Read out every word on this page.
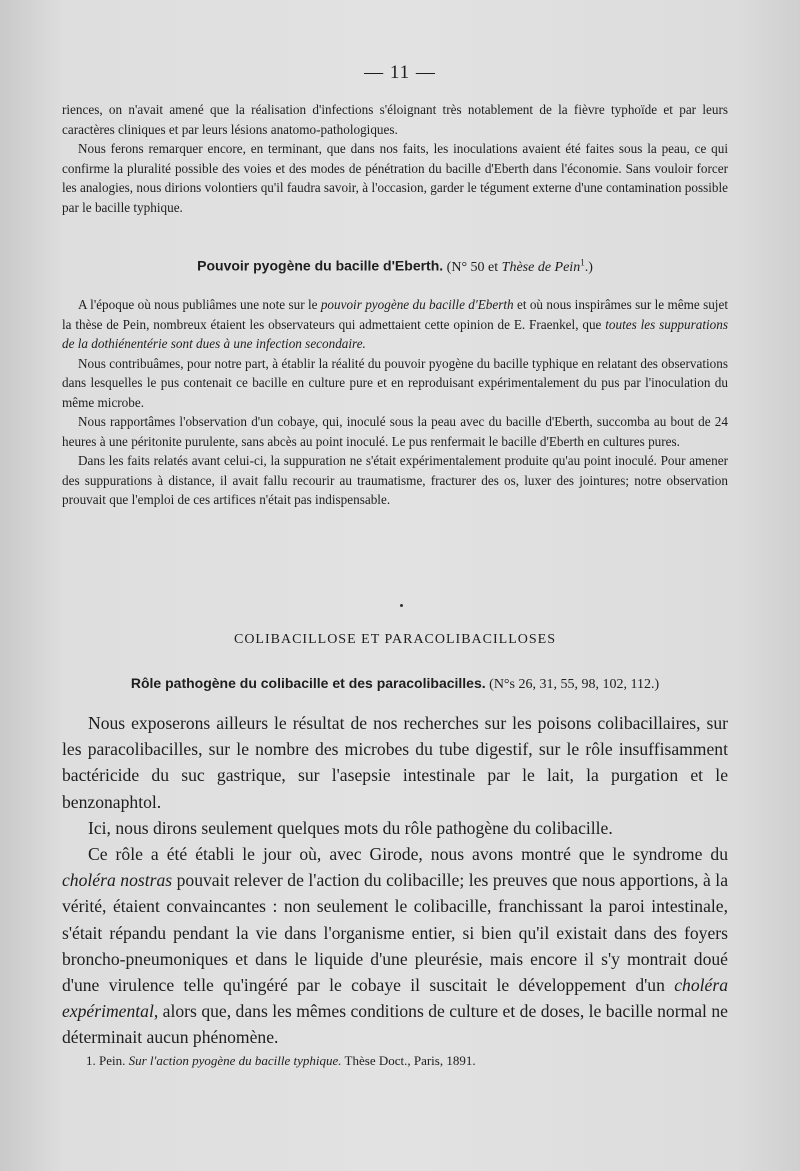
— 11 —

riences, on n'avait amené que la réalisation d'infections s'éloignant très notablement de la fièvre typhoïde et par leurs caractères cliniques et par leurs lésions anatomo-pathologiques.

Nous ferons remarquer encore, en terminant, que dans nos faits, les inoculations avaient été faites sous la peau, ce qui confirme la pluralité possible des voies et des modes de pénétration du bacille d'Eberth dans l'économie. Sans vouloir forcer les analogies, nous dirions volontiers qu'il faudra savoir, à l'occasion, garder le tégument externe d'une contamination possible par le bacille typhique.

Pouvoir pyogène du bacille d'Eberth. (N° 50 et Thèse de Pein$^1$.)

A l'époque où nous publiâmes une note sur le pouvoir pyogène du bacille d'Eberth et où nous inspirâmes sur le même sujet la thèse de Pein, nombreux étaient les observateurs qui admettaient cette opinion de E. Fraenkel, que toutes les suppurations de la dothiénentérie sont dues à une infection secondaire.

Nous contribuâmes, pour notre part, à établir la réalité du pouvoir pyogène du bacille typhique en relatant des observations dans lesquelles le pus contenait ce bacille en culture pure et en reproduisant expérimentalement du pus par l'inoculation du même microbe.

Nous rapportâmes l'observation d'un cobaye, qui, inoculé sous la peau avec du bacille d'Eberth, succomba au bout de 24 heures à une péritonite purulente, sans abcès au point inoculé. Le pus renfermait le bacille d'Eberth en cultures pures.

Dans les faits relatés avant celui-ci, la suppuration ne s'était expérimentalement produite qu'au point inoculé. Pour amener des suppurations à distance, il avait fallu recourir au traumatisme, fracturer des os, luxer des jointures; notre observation prouvait que l'emploi de ces artifices n'était pas indispensable.

COLIBACILLOSE ET PARACOLIBACILLOSES
Rôle pathogène du colibacille et des paracolibacilles. (N°s 26, 31, 55, 98, 102, 112.)

Nous exposerons ailleurs le résultat de nos recherches sur les poisons colibacillaires, sur les paracolibacilles, sur le nombre des microbes du tube digestif, sur le rôle insuffisamment bactéricide du suc gastrique, sur l'asepsie intestinale par le lait, la purgation et le benzonaphtol.

Ici, nous dirons seulement quelques mots du rôle pathogène du colibacille.

Ce rôle a été établi le jour où, avec Girode, nous avons montré que le syndrome du choléra nostras pouvait relever de l'action du colibacille; les preuves que nous apportions, à la vérité, étaient convaincantes : non seulement le colibacille, franchissant la paroi intestinale, s'était répandu pendant la vie dans l'organisme entier, si bien qu'il existait dans des foyers broncho-pneumoniques et dans le liquide d'une pleurésie, mais encore il s'y montrait doué d'une virulence telle qu'ingéré par le cobaye il suscitait le développement d'un choléra expérimental, alors que, dans les mêmes conditions de culture et de doses, le bacille normal ne déterminait aucun phénomène.

1. Pein. Sur l'action pyogène du bacille typhique. Thèse Doct., Paris, 1891.
